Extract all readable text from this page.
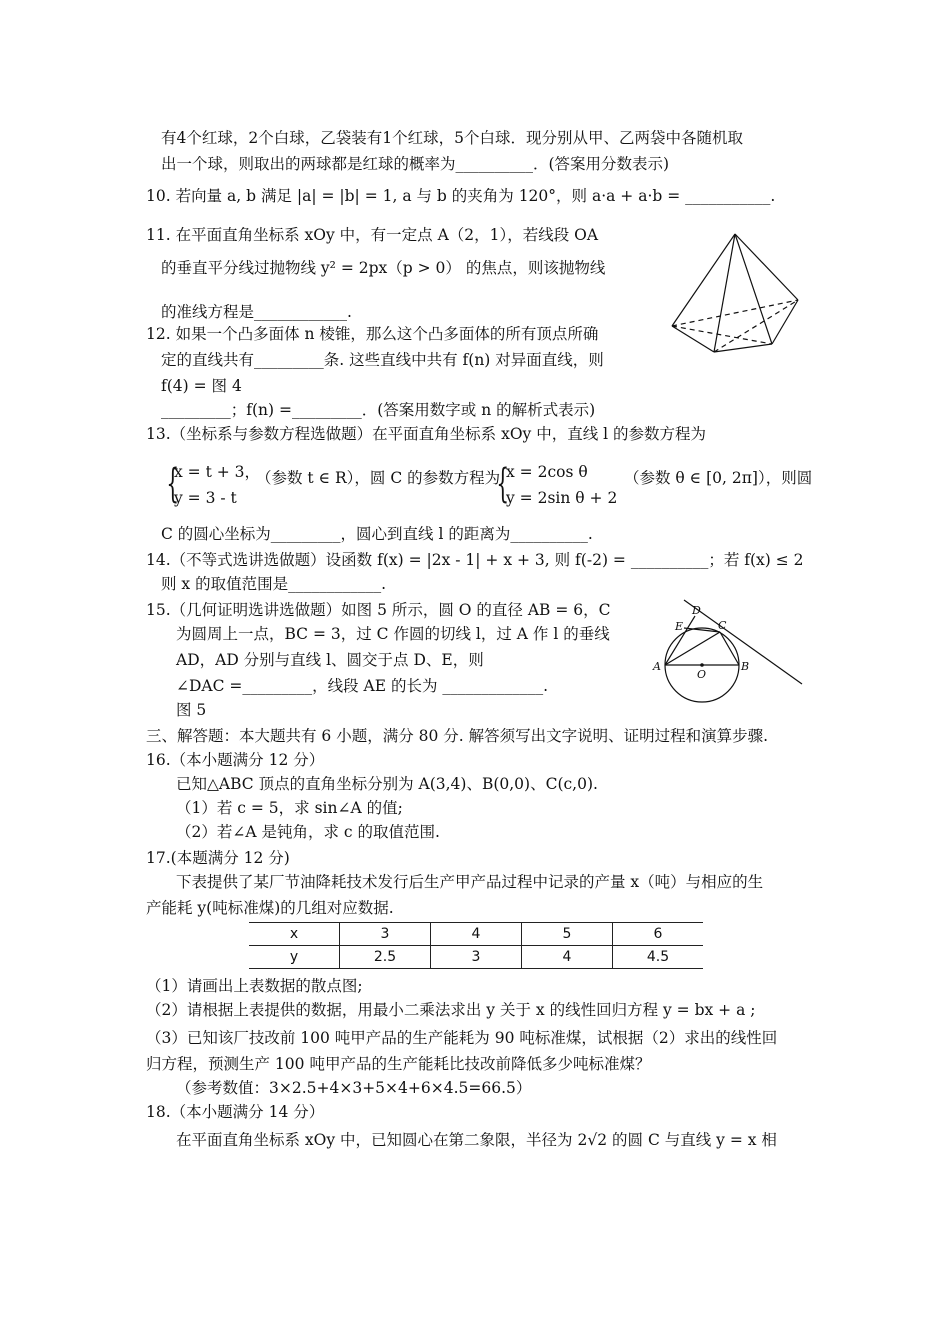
有4个红球，2个白球，乙袋装有1个红球，5个白球．现分别从甲、乙两袋中各随机取
出一个球，则取出的两球都是红球的概率为__________．(答案用分数表示)
10. 若向量 a, b 满足 |a| = |b| = 1, a 与 b 的夹角为 120°，则 a·a + a·b = ___________.
11. 在平面直角坐标系 xOy 中，有一定点 A（2，1），若线段 OA
的垂直平分线过抛物线 y² = 2px（p > 0） 的焦点，则该抛物线
的准线方程是____________.
12. 如果一个凸多面体 n 棱锥，那么这个凸多面体的所有顶点所确
定的直线共有_________条. 这些直线中共有 f(n) 对异面直线，则
f(4) = 图 4
_________；f(n) =_________．(答案用数字或 n 的解析式表示)
13.（坐标系与参数方程选做题）在平面直角坐标系 xOy 中，直线 l 的参数方程为
{
x = t + 3，
（参数 t ∈ R），圆 C 的参数方程为
{
x = 2cos θ （参数 θ ∈ [0, 2π]），则圆
y = 3 - t	y = 2sin θ + 2
C 的圆心坐标为_________，圆心到直线 l 的距离为__________.
14.（不等式选讲选做题）设函数 f(x) = |2x - 1| + x + 3, 则 f(-2) = __________；若 f(x) ≤ 2
则 x 的取值范围是____________.
15.（几何证明选讲选做题）如图 5 所示，圆 O 的直径 AB = 6，C
为圆周上一点，BC = 3，过 C 作圆的切线 l，过 A 作 l 的垂线
AD，AD 分别与直线 l、圆交于点 D、E，则
∠DAC =_________，线段 AE 的长为 _____________.
图 5
D
E	C
A
O
B
三、解答题：本大题共有 6 小题，满分 80 分. 解答须写出文字说明、证明过程和演算步骤.
16.（本小题满分 12 分）
已知△ABC 顶点的直角坐标分别为 A(3,4)、B(0,0)、C(c,0).
（1）若 c = 5，求 sin∠A 的值;
（2）若∠A 是钝角，求 c 的取值范围.
17.(本题满分 12 分)
下表提供了某厂节油降耗技术发行后生产甲产品过程中记录的产量 x（吨）与相应的生
产能耗 y(吨标准煤)的几组对应数据.
x	3	4	5	6
y	2.5	3	4	4.5
（1）请画出上表数据的散点图;
（2）请根据上表提供的数据，用最小二乘法求出 y 关于 x 的线性回归方程 y = bx + a ;
（3）已知该厂技改前 100 吨甲产品的生产能耗为 90 吨标准煤，试根据（2）求出的线性回
归方程，预测生产 100 吨甲产品的生产能耗比技改前降低多少吨标准煤？
（参考数值：3×2.5+4×3+5×4+6×4.5=66.5）
18.（本小题满分 14 分）
在平面直角坐标系 xOy 中，已知圆心在第二象限，半径为 2√2 的圆 C 与直线 y = x 相
